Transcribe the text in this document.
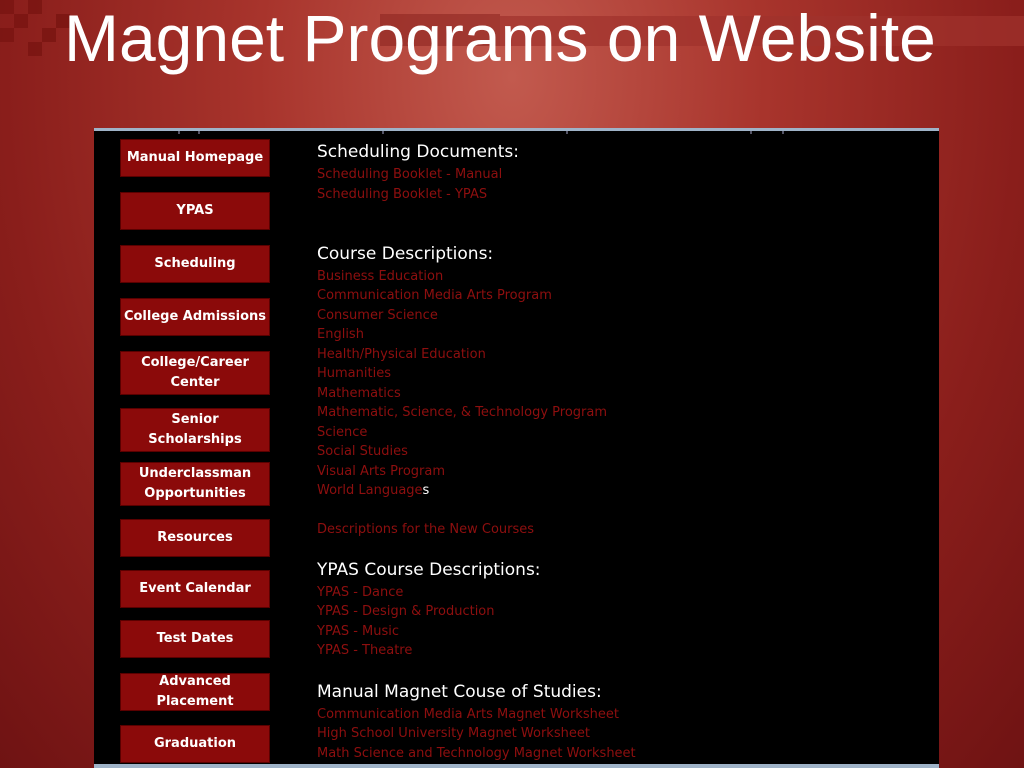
Manual Homepage
YPAS
Scheduling
College Admissions
College/Career Center
Senior Scholarships
Underclassman Opportunities
Resources
Event Calendar
Test Dates
Advanced Placement
Graduation
Scheduling Documents:
Scheduling Booklet - Manual
Scheduling Booklet - YPAS
Course Descriptions:
Business Education
Communication Media Arts Program
Consumer Science
English
Health/Physical Education
Humanities
Mathematics
Mathematic, Science, & Technology Program
Science
Social Studies
Visual Arts Program
World Languages
Descriptions for the New Courses
YPAS Course Descriptions:
YPAS - Dance
YPAS - Design & Production
YPAS - Music
YPAS - Theatre
Manual Magnet Couse of Studies:
Communication Media Arts Magnet Worksheet
High School University Magnet Worksheet
Math Science and Technology Magnet Worksheet
Magnet Programs on Website
